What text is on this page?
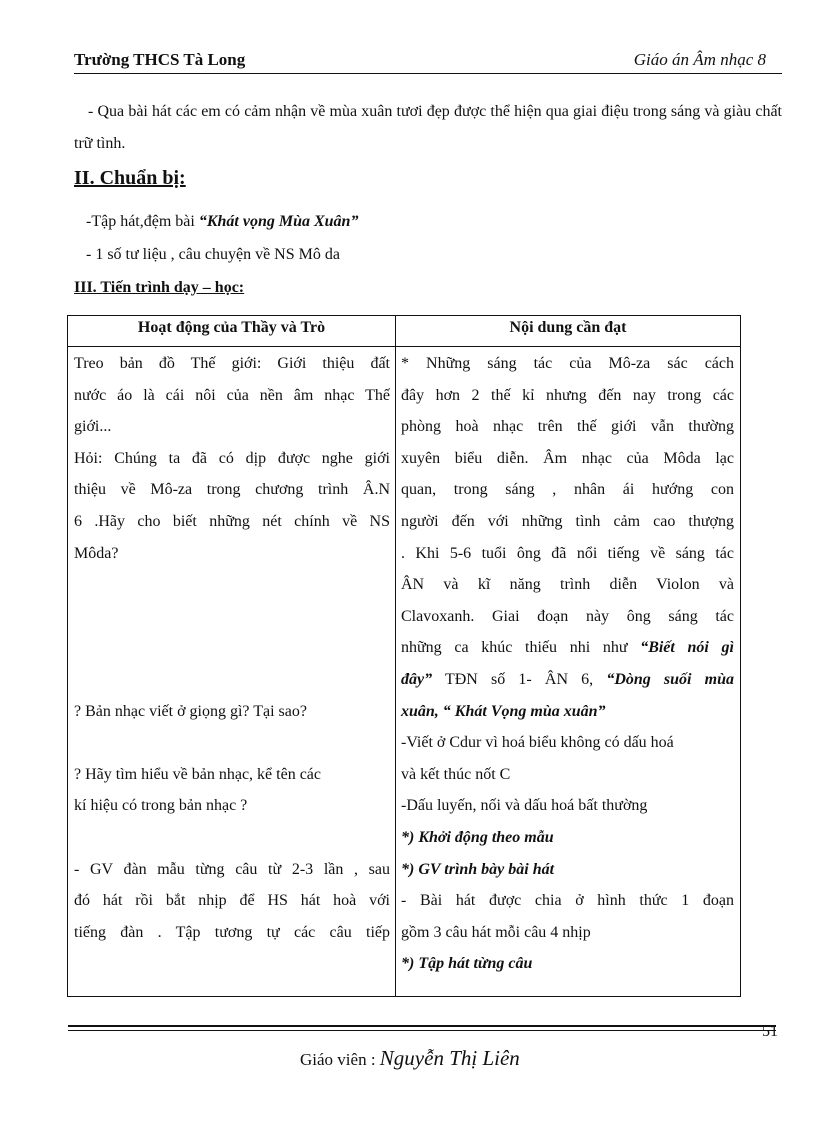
Trường THCS Tà Long	Giáo án Âm nhạc 8
- Qua bài hát các em có cảm nhận về mùa xuân tươi đẹp được thể hiện qua giai điệu trong sáng và giàu chất trữ tình.
II. Chuẩn bị:
-Tập hát,đệm bài “Khát vọng Mùa Xuân”
- 1 số tư liệu , câu chuyện về NS Mô da
III. Tiến trình dạy – học:
Hoạt động của Thầy và Trò	Nội dung cần đạt
Treo bản đồ Thế giới: Giới thiệu đất
nước áo là cái nôi của nền âm nhạc Thế
giới...
Hỏi: Chúng ta đã có dịp được nghe giới
thiệu về Mô-za trong chương trình Â.N
6 .Hãy cho biết những nét chính về NS
Môda?
? Bản nhạc viết ở giọng gì? Tại sao?
? Hãy tìm hiểu về bản nhạc, kể tên các
kí hiệu có trong bản nhạc ?
- GV đàn mẫu từng câu từ 2-3 lần , sau
đó hát rồi bắt nhịp để HS hát hoà với
tiếng đàn . Tập tương tự các câu tiếp
* Những sáng tác của Mô-za sác cách
đây hơn 2 thế kỉ nhưng đến nay trong các
phòng hoà nhạc trên thế giới vẫn thường
xuyên biểu diễn. Âm nhạc của Môda lạc
quan, trong sáng , nhân ái hướng con
người đến với những tình cảm cao thượng
. Khi 5-6 tuổi ông đã nổi tiếng về sáng tác
ÂN và kĩ năng trình diễn Violon và
Clavoxanh. Giai đoạn này ông sáng tác
những ca khúc thiếu nhi như “Biết nói gì
đây” TĐN số 1- ÂN 6, “Dòng suối mùa
xuân, “ Khát Vọng mùa xuân”
-Viết ở Cdur vì hoá biểu không có dấu hoá
và kết thúc nốt C
-Dấu luyến, nối và dấu hoá bất thường
*) Khởi động theo mẫu
*) GV trình bày bài hát
- Bài hát được chia ở hình thức 1 đoạn
gồm 3 câu hát mỗi câu 4 nhịp
*) Tập hát từng câu
51
Giáo viên : Nguyễn Thị Liên
